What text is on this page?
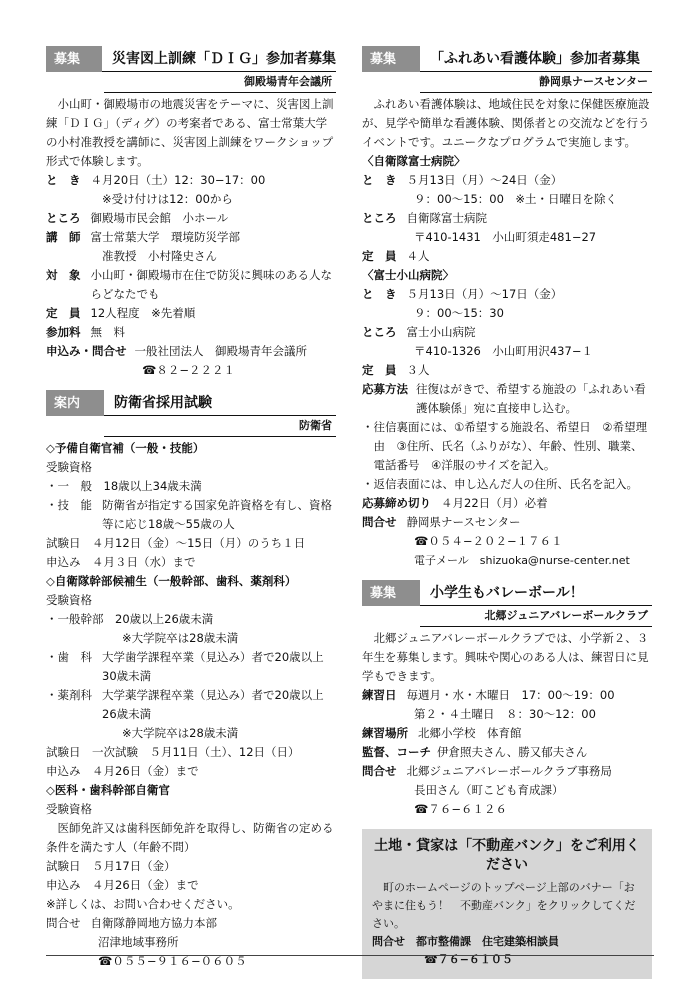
募集	災害図上訓練「ＤＩＧ」参加者募集
御殿場青年会議所
小山町・御殿場市の地震災害をテーマに、災害図上訓練「ＤＩＧ」（ディグ）の考案者である、富士常葉大学の小村准教授を講師に、災害図上訓練をワークショップ形式で体験します。
と　き ４月20日（土）12：30−17：00
※受け付けは12：00から
ところ 御殿場市民会館　小ホール
講　師 富士常葉大学　環境防災学部
准教授　小村隆史さん
対　象 小山町・御殿場市在住で防災に興味のある人ならどなたでも
定　員 12人程度　※先着順
参加料 無　料
申込み・問合せ 一般社団法人　御殿場青年会議所
☎８２−２２２１
案内	防衛省採用試験
防衛省
◇予備自衛官補（一般・技能）
受験資格
・一　般　18歳以上34歳未満
・技　能 防衛省が指定する国家免許資格を有し、資格等に応じ18歳〜55歳の人
試験日　４月12日（金）〜15日（月）のうち１日
申込み　４月３日（水）まで
◇自衛隊幹部候補生（一般幹部、歯科、薬剤科）
受験資格
・一般幹部　20歳以上26歳未満
※大学院卒は28歳未満
・歯　科 大学歯学課程卒業（見込み）者で20歳以上30歳未満
・薬剤科 大学薬学課程卒業（見込み）者で20歳以上26歳未満
※大学院卒は28歳未満
試験日　一次試験　５月11日（土）、12日（日）
申込み　４月26日（金）まで
◇医科・歯科幹部自衛官
受験資格
医師免許又は歯科医師免許を取得し、防衛省の定める条件を満たす人（年齢不問）
試験日　５月17日（金）
申込み　４月26日（金）まで
※詳しくは、お問い合わせください。
問合せ 自衛隊静岡地方協力本部
沼津地域事務所
☎０５５−９１６−０６０５
募集	「ふれあい看護体験」参加者募集
静岡県ナースセンター
ふれあい看護体験は、地域住民を対象に保健医療施設が、見学や簡単な看護体験、関係者との交流などを行うイベントです。ユニークなプログラムで実施します。
〈自衛隊富士病院〉
と　き ５月13日（月）〜24日（金）
９：00〜15：00　※土・日曜日を除く
ところ 自衛隊富士病院
〒410-1431　小山町須走481−27
定　員 ４人
〈富士小山病院〉
と　き ５月13日（月）〜17日（金）
９：00〜15：30
ところ 富士小山病院
〒410-1326　小山町用沢437−１
定　員 ３人
応募方法 往復はがきで、希望する施設の「ふれあい看護体験係」宛に直接申し込む。
・往信裏面には、①希望する施設名、希望日　②希望理由　③住所、氏名（ふりがな）、年齢、性別、職業、電話番号　④洋服のサイズを記入。
・返信表面には、申し込んだ人の住所、氏名を記入。
応募締め切り ４月22日（月）必着
問合せ 静岡県ナースセンター
☎０５４−２０２−１７６１
電子メール　shizuoka@nurse-center.net
募集	小学生もバレーボール！
北郷ジュニアバレーボールクラブ
北郷ジュニアバレーボールクラブでは、小学新２、３年生を募集します。興味や関心のある人は、練習日に見学もできます。
練習日 毎週月・水・木曜日　17：00〜19：00
第２・４土曜日　８：30〜12：00
練習場所 北郷小学校　体育館
監督、コーチ 伊倉照夫さん、勝又郁夫さん
問合せ 北郷ジュニアバレーボールクラブ事務局
長田さん（町こども育成課）
☎７６−６１２６
土地・貸家は「不動産バンク」をご利用ください
町のホームページのトップページ上部のバナー「おやまに住もう！　不動産バンク」をクリックしてください。
問合せ　都市整備課　住宅建築相談員
☎７６−６１０５
